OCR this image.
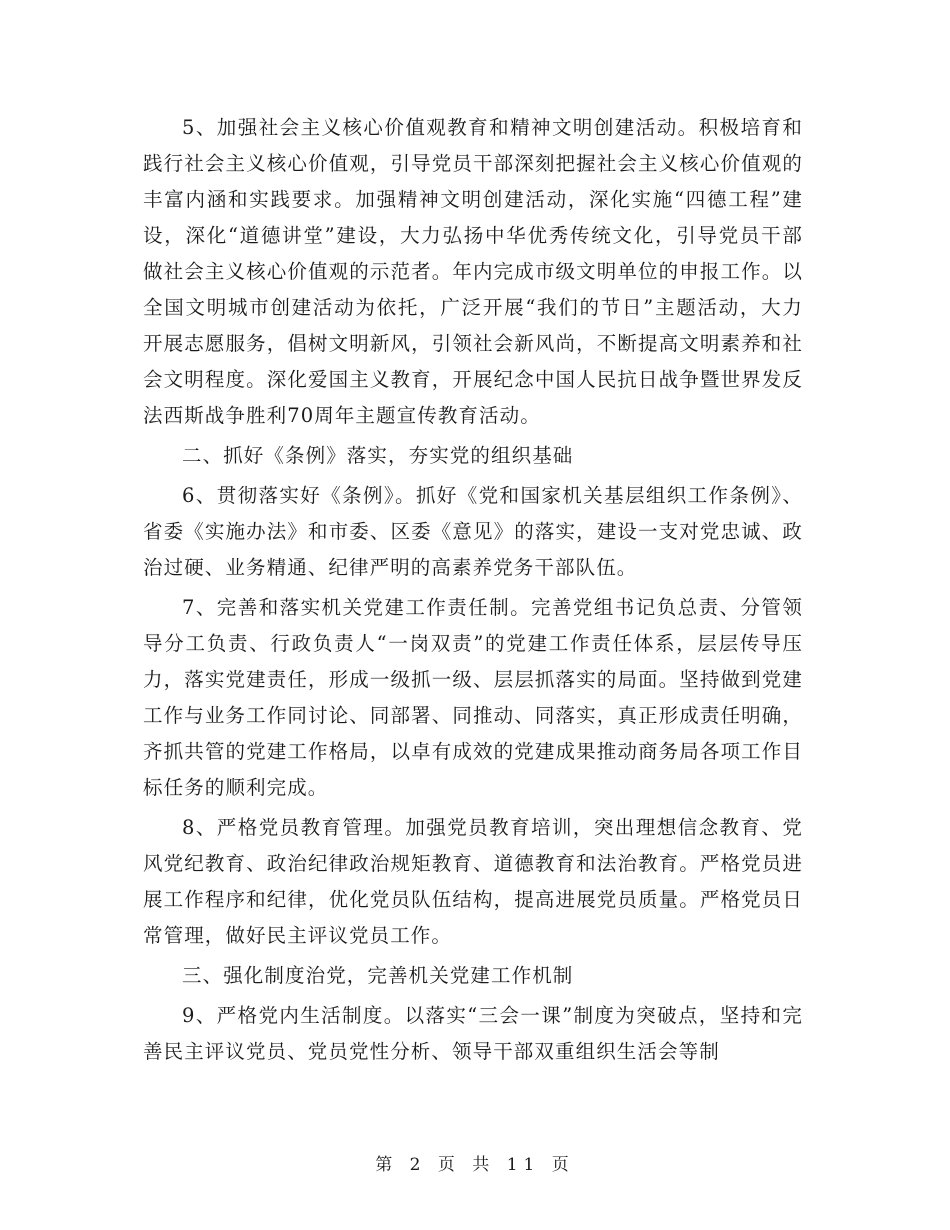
5、加强社会主义核心价值观教育和精神文明创建活动。积极培育和践行社会主义核心价值观，引导党员干部深刻把握社会主义核心价值观的丰富内涵和实践要求。加强精神文明创建活动，深化实施“四德工程”建设，深化“道德讲堂”建设，大力弘扬中华优秀传统文化，引导党员干部做社会主义核心价值观的示范者。年内完成市级文明单位的申报工作。以全国文明城市创建活动为依托，广泛开展“我们的节日”主题活动，大力开展志愿服务，倡树文明新风，引领社会新风尚，不断提高文明素养和社会文明程度。深化爱国主义教育，开展纪念中国人民抗日战争暨世界发反法西斯战争胜利70周年主题宣传教育活动。

二、抓好《条例》落实，夯实党的组织基础

6、贯彻落实好《条例》。抓好《党和国家机关基层组织工作条例》、省委《实施办法》和市委、区委《意见》的落实，建设一支对党忠诚、政治过硬、业务精通、纪律严明的高素养党务干部队伍。

7、完善和落实机关党建工作责任制。完善党组书记负总责、分管领导分工负责、行政负责人“一岗双责”的党建工作责任体系，层层传导压力，落实党建责任，形成一级抓一级、层层抓落实的局面。坚持做到党建工作与业务工作同讨论、同部署、同推动、同落实，真正形成责任明确，齐抓共管的党建工作格局，以卓有成效的党建成果推动商务局各项工作目标任务的顺利完成。

8、严格党员教育管理。加强党员教育培训，突出理想信念教育、党风党纪教育、政治纪律政治规矩教育、道德教育和法治教育。严格党员进展工作程序和纪律，优化党员队伍结构，提高进展党员质量。严格党员日常管理，做好民主评议党员工作。

三、强化制度治党，完善机关党建工作机制

9、严格党内生活制度。以落实“三会一课”制度为突破点，坚持和完善民主评议党员、党员党性分析、领导干部双重组织生活会等制

第 2 页 共 11 页
